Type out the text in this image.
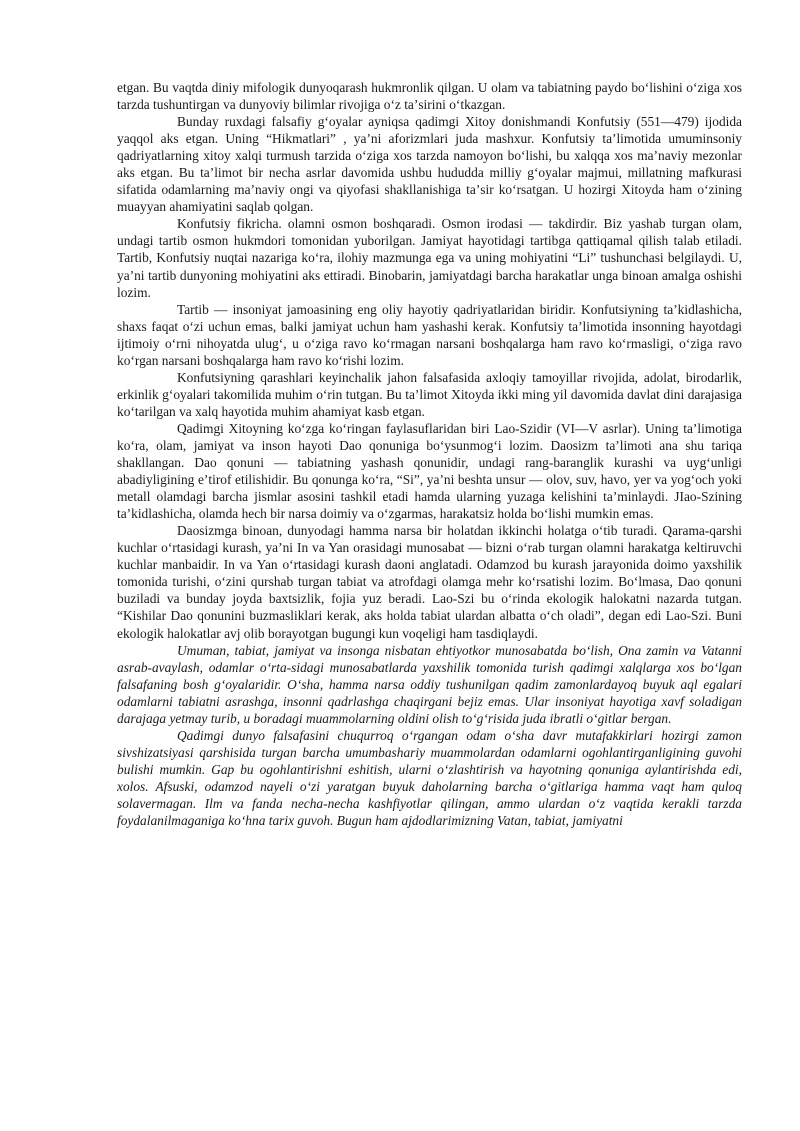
etgan. Bu vaqtda diniy mifologik dunyoqarash hukmronlik qilgan. U olam va tabiatning paydo boʻlishini oʻziga xos tarzda tushuntirgan va dunyoviy bilimlar rivojiga oʻz taʼsirini oʻtkazgan.

Bunday ruxdagi falsafiy gʻoyalar ayniqsa qadimgi Xitoy donishmandi Konfutsiy (551—479) ijodida yaqqol aks etgan. Uning “Hikmatlari” , yaʼni aforizmlari juda mashxur. Konfutsiy taʼlimotida umuminsoniy qadriyatlarning xitoy xalqi turmush tarzida oʻziga xos tarzda namoyon boʻlishi, bu xalqqa xos maʼnaviy mezonlar aks etgan. Bu taʼlimot bir necha asrlar davomida ushbu hududda milliy gʻoyalar majmui, millatning mafkurasi sifatida odamlarning maʼnaviy ongi va qiyofasi shakllanishiga taʼsir koʻrsatgan. U hozirgi Xitoyda ham oʻzining muayyan ahamiyatini saqlab qolgan.

Konfutsiy fikricha. olamni osmon boshqaradi. Osmon irodasi — takdirdir. Biz yashab turgan olam, undagi tartib osmon hukmdori tomonidan yuborilgan. Jamiyat hayotidagi tartibga qattiqamal qilish talab etiladi. Tartib, Konfutsiy nuqtai nazariga koʻra, ilohiy mazmunga ega va uning mohiyatini “Li” tushunchasi belgilaydi. U, yaʼni tartib dunyoning mohiyatini aks ettiradi. Binobarin, jamiyatdagi barcha harakatlar unga binoan amalga oshishi lozim.

Tartib — insoniyat jamoasining eng oliy hayotiy qadriyatlaridan biridir. Konfutsiyning taʼkidlashicha, shaxs faqat oʻzi uchun emas, balki jamiyat uchun ham yashashi kerak. Konfutsiy taʼlimotida insonning hayotdagi ijtimoiy oʻrni nihoyatda ulugʻ, u oʻziga ravo koʻrmagan narsani boshqalarga ham ravo koʻrmasligi, oʻziga ravo koʻrgan narsani boshqalarga ham ravo koʻrishi lozim.

Konfutsiyning qarashlari keyinchalik jahon falsafasida axloqiy tamoyillar rivojida, adolat, birodarlik, erkinlik gʻoyalari takomilida muhim oʻrin tutgan. Bu taʼlimot Xitoyda ikki ming yil davomida davlat dini darajasiga koʻtarilgan va xalq hayotida muhim ahamiyat kasb etgan.

Qadimgi Xitoyning koʻzga koʻringan faylasuflaridan biri Lao-Szidir (VI—V asrlar). Uning taʼlimotiga koʻra, olam, jamiyat va inson hayoti Dao qonuniga boʻysunmogʻi lozim. Daosizm taʼlimoti ana shu tariqa shakllangan. Dao qonuni — tabiatning yashash qonunidir, undagi rang-baranglik kurashi va uygʻunligi abadiyligining eʼtirof etilishidir. Bu qonunga koʻra, “Si”, yaʼni beshta unsur — olov, suv, havo, yer va yogʻoch yoki metall olamdagi barcha jismlar asosini tashkil etadi hamda ularning yuzaga kelishini taʼminlaydi. JIao-Szining taʼkidlashicha, olamda hech bir narsa doimiy va oʻzgarmas, harakatsiz holda boʻlishi mumkin emas.

Daosizmga binoan, dunyodagi hamma narsa bir holatdan ikkinchi holatga oʻtib turadi. Qarama-qarshi kuchlar oʻrtasidagi kurash, yaʼni In va Yan orasidagi munosabat — bizni oʻrab turgan olamni harakatga keltiruvchi kuchlar manbaidir. In va Yan oʻrtasidagi kurash daoni anglatadi. Odamzod bu kurash jarayonida doimo yaxshilik tomonida turishi, oʻzini qurshab turgan tabiat va atrofdagi olamga mehr koʻrsatishi lozim. Boʻlmasa, Dao qonuni buziladi va bunday joyda baxtsizlik, fojia yuz beradi. Lao-Szi bu oʻrinda ekologik halokatni nazarda tutgan. “Kishilar Dao qonunini buzmasliklari kerak, aks holda tabiat ulardan albatta oʻch oladi”, degan edi Lao-Szi. Buni ekologik halokatlar avj olib borayotgan bugungi kun voqeligi ham tasdiqlaydi.

Umuman, tabiat, jamiyat va insonga nisbatan ehtiyotkor munosabatda boʻlish, Ona zamin va Vatanni asrab-avaylash, odamlar oʻrta-sidagi munosabatlarda yaxshilik tomonida turish qadimgi xalqlarga xos boʻlgan falsafaning bosh gʻoyalaridir. Oʻsha, hamma narsa oddiy tushunilgan qadim zamonlardayoq buyuk aql egalari odamlarni tabiatni asrashga, insonni qadrlashga chaqirgani bejiz emas. Ular insoniyat hayotiga xavf soladigan darajaga yetmay turib, u boradagi muammolarning oldini olish toʻgʻrisida juda ibratli oʻgitlar bergan.

Qadimgi dunyo falsafasini chuqurroq oʻrgangan odam oʻsha davr mutafakkirlari hozirgi zamon sivshizatsiyasi qarshisida turgan barcha umumbashariy muammolardan odamlarni ogohlantirganligining guvohi bulishi mumkin. Gap bu ogohlantirishni eshitish, ularni oʻzlashtirish va hayotning qonuniga aylantirishda edi, xolos. Afsuski, odamzod nayeli oʻzi yaratgan buyuk daholarning barcha oʻgitlariga hamma vaqt ham quloq solavermagan. Ilm va fanda necha-necha kashfiyotlar qilingan, ammo ulardan oʻz vaqtida kerakli tarzda foydalanilmaganiga koʻhna tarix guvoh. Bugun ham ajdodlarimizning Vatan, tabiat, jamiyatni
